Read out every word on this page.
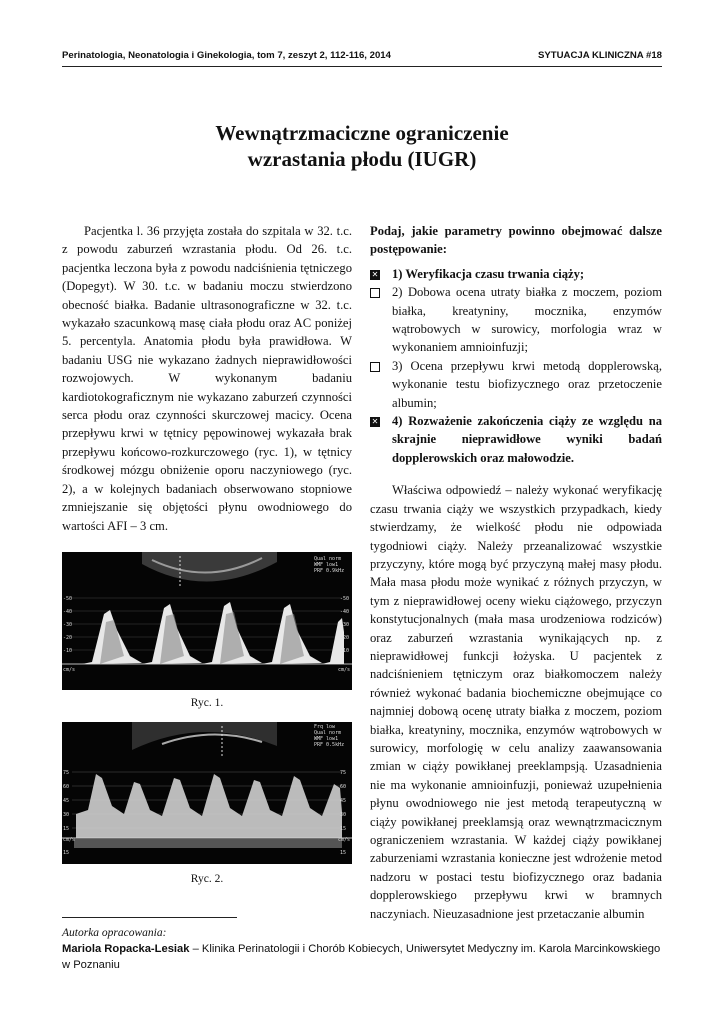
Perinatologia, Neonatologia i Ginekologia, tom 7, zeszyt 2, 112-116, 2014	SYTUACJA KLINICZNA #18
Wewnątrzmaciczne ograniczenie
wzrastania płodu (IUGR)

Pacjentka l. 36 przyjęta została do szpitala w 32. t.c. z powodu zaburzeń wzrastania płodu. Od 26. t.c. pacjentka leczona była z powodu nadciśnienia tętniczego (Dopegyt). W 30. t.c. w badaniu moczu stwierdzono obecność białka. Badanie ultrasonograficzne w 32. t.c. wykazało szacunkową masę ciała płodu oraz AC poniżej 5. percentyla. Anatomia płodu była prawidłowa. W badaniu USG nie wykazano żadnych nieprawidłowości rozwojowych. W wykonanym badaniu kardiotokograficznym nie wykazano zaburzeń czynności serca płodu oraz czynności skurczowej macicy. Ocena przepływu krwi w tętnicy pępowinowej wykazała brak przepływu końcowo-rozkurczowego (ryc. 1), w tętnicy środkowej mózgu obniżenie oporu naczyniowego (ryc. 2), a w kolejnych badaniach obserwowano stopniowe zmniejszanie się objętości płynu owodniowego do wartości AFI – 3 cm.

Qual norm
WMF low1
PRF 0.9kHz
-50
-40
-30
-20
-10
cm/s
-50
-40
-30
-20
-10
cm/s
Ryc. 1.
Frq low
Qual norm
WMF low1
PRF 0.5kHz
75
60
45
30
15
cm/s
15
75
60
45
30
15
cm/s
15
Ryc. 2.

Podaj, jakie parametry powinno obejmować dalsze postępowanie:

✕ 1) Weryfikacja czasu trwania ciąży;

2) Dobowa ocena utraty białka z moczem, poziom białka, kreatyniny, mocznika, enzymów wątrobowych w surowicy, morfologia wraz w wykonaniem amnioinfuzji;

3) Ocena przepływu krwi metodą dopplerowską, wykonanie testu biofizycznego oraz przetoczenie albumin;

✕ 4) Rozważenie zakończenia ciąży ze względu na skrajnie nieprawidłowe wyniki badań dopplerowskich oraz małowodzie.

Właściwa odpowiedź – należy wykonać weryfikację czasu trwania ciąży we wszystkich przypadkach, kiedy stwierdzamy, że wielkość płodu nie odpowiada tygodniowi ciąży. Należy przeanalizować wszystkie przyczyny, które mogą być przyczyną małej masy płodu. Mała masa płodu może wynikać z różnych przyczyn, w tym z nieprawidłowej oceny wieku ciążowego, przyczyn konstytucjonalnych (mała masa urodzeniowa rodziców) oraz zaburzeń wzrastania wynikających np. z nieprawidłowej funkcji łożyska. U pacjentek z nadciśnieniem tętniczym oraz białkomoczem należy również wykonać badania biochemiczne obejmujące co najmniej dobową ocenę utraty białka z moczem, poziom białka, kreatyniny, mocznika, enzymów wątrobowych w surowicy, morfologię w celu analizy zaawansowania zmian w ciąży powikłanej preeklampsją. Uzasadnienia nie ma wykonanie amnioinfuzji, ponieważ uzupełnienia płynu owodniowego nie jest metodą terapeutyczną w ciąży powikłanej preeklamsją oraz wewnątrzmacicznym ograniczeniem wzrastania. W każdej ciąży powikłanej zaburzeniami wzrastania konieczne jest wdrożenie metod nadzoru w postaci testu biofizycznego oraz badania dopplerowskiego przepływu krwi w bramnych naczyniach. Nieuzasadnione jest przetaczanie albumin

Autorka opracowania:
Mariola Ropacka-Lesiak – Klinika Perinatologii i Chorób Kobiecych, Uniwersytet Medyczny im. Karola Marcinkowskiego w Poznaniu
